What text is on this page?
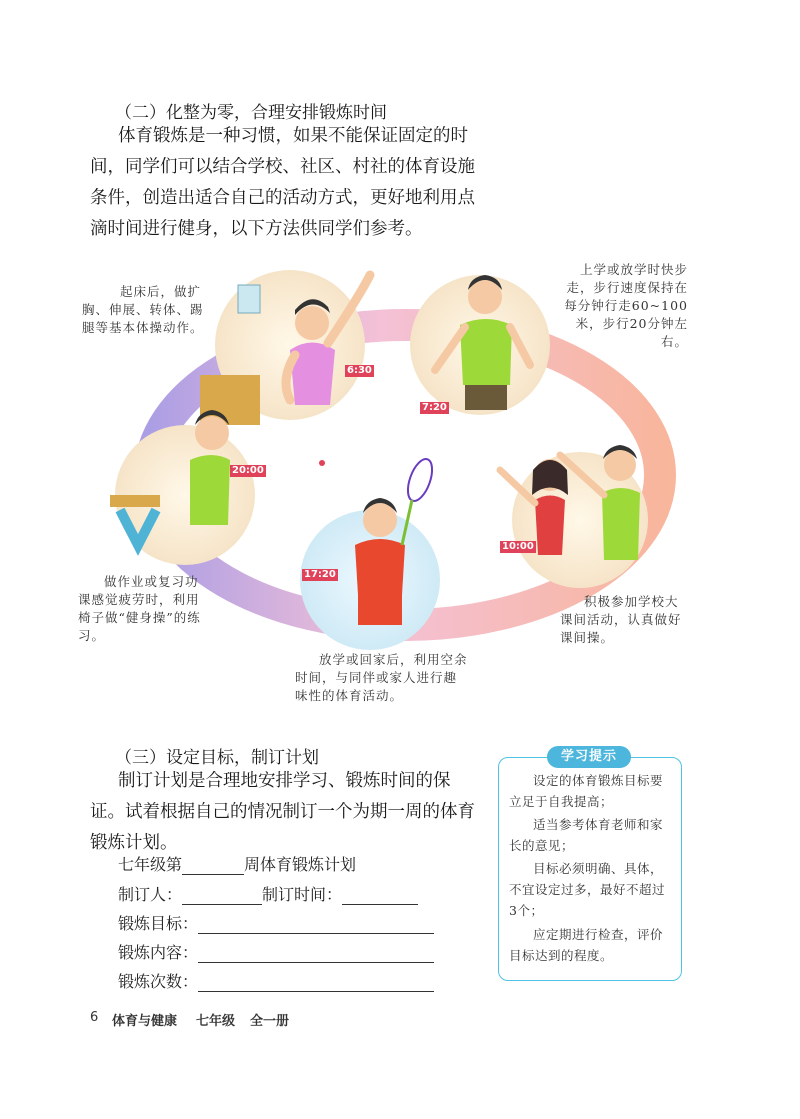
（二）化整为零，合理安排锻炼时间
体育锻炼是一种习惯，如果不能保证固定的时间，同学们可以结合学校、社区、村社的体育设施条件，创造出适合自己的活动方式，更好地利用点滴时间进行健身，以下方法供同学们参考。
6:30
7:20
20:00
17:20
10:00
起床后，做扩胸、伸展、转体、踢腿等基本体操动作。
上学或放学时快步走，步行速度保持在每分钟行走60~100米，步行20分钟左右。
做作业或复习功课感觉疲劳时，利用椅子做“健身操”的练习。
放学或回家后，利用空余时间，与同伴或家人进行趣味性的体育活动。
积极参加学校大课间活动，认真做好课间操。
（三）设定目标，制订计划
制订计划是合理地安排学习、锻炼时间的保证。试着根据自己的情况制订一个为期一周的体育锻炼计划。
七年级第	周体育锻炼计划
制订人：	制订时间：
锻炼目标：
锻炼内容：
锻炼次数：
学习提示
设定的体育锻炼目标要立足于自我提高；
适当参考体育老师和家长的意见；
目标必须明确、具体，不宜设定过多，最好不超过3个；
应定期进行检查，评价目标达到的程度。
6 体育与健康 七年级 全一册
